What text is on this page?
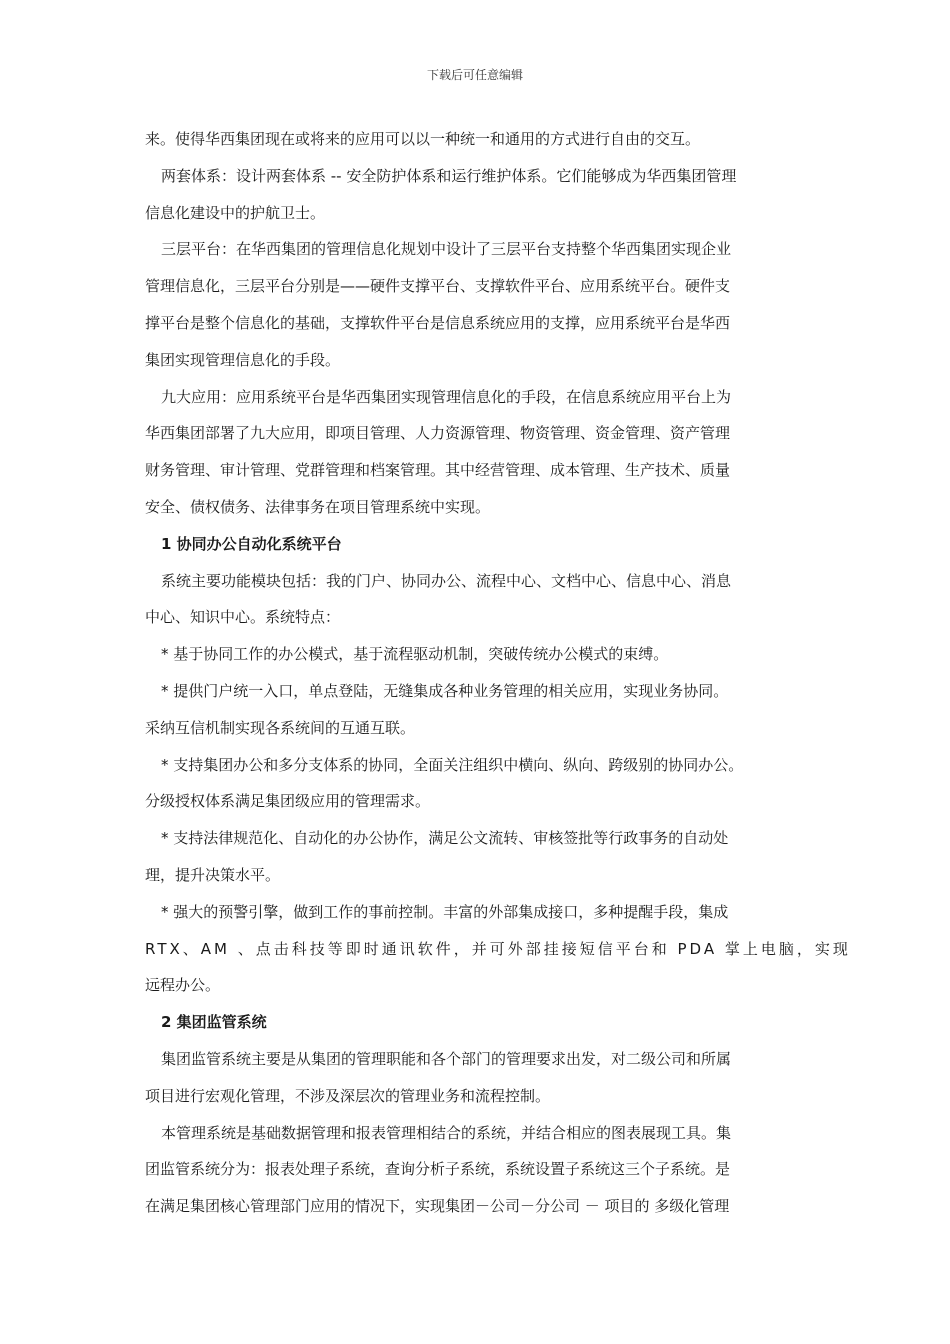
下载后可任意编辑
来。使得华西集团现在或将来的应用可以以一种统一和通用的方式进行自由的交互。
两套体系：设计两套体系 -- 安全防护体系和运行维护体系。它们能够成为华西集团管理
信息化建设中的护航卫士。
三层平台：在华西集团的管理信息化规划中设计了三层平台支持整个华西集团实现企业
管理信息化，三层平台分别是——硬件支撑平台、支撑软件平台、应用系统平台。硬件支
撑平台是整个信息化的基础，支撑软件平台是信息系统应用的支撑，应用系统平台是华西
集团实现管理信息化的手段。
九大应用：应用系统平台是华西集团实现管理信息化的手段，在信息系统应用平台上为
华西集团部署了九大应用，即项目管理、人力资源管理、物资管理、资金管理、资产管理
财务管理、审计管理、党群管理和档案管理。其中经营管理、成本管理、生产技术、质量
安全、债权债务、法律事务在项目管理系统中实现。
1 协同办公自动化系统平台
系统主要功能模块包括：我的门户、协同办公、流程中心、文档中心、信息中心、消息
中心、知识中心。系统特点：
* 基于协同工作的办公模式，基于流程驱动机制，突破传统办公模式的束缚。
* 提供门户统一入口，单点登陆，无缝集成各种业务管理的相关应用，实现业务协同。
采纳互信机制实现各系统间的互通互联。
* 支持集团办公和多分支体系的协同，全面关注组织中横向、纵向、跨级别的协同办公。
分级授权体系满足集团级应用的管理需求。
* 支持法律规范化、自动化的办公协作，满足公文流转、审核签批等行政事务的自动处
理，提升决策水平。
* 强大的预警引擎，做到工作的事前控制。丰富的外部集成接口，多种提醒手段，集成
RTX、AM 、点击科技等即时通讯软件，并可外部挂接短信平台和 PDA 掌上电脑，实现
远程办公。
2 集团监管系统
集团监管系统主要是从集团的管理职能和各个部门的管理要求出发，对二级公司和所属
项目进行宏观化管理，不涉及深层次的管理业务和流程控制。
本管理系统是基础数据管理和报表管理相结合的系统，并结合相应的图表展现工具。集
团监管系统分为：报表处理子系统，查询分析子系统，系统设置子系统这三个子系统。是
在满足集团核心管理部门应用的情况下，实现集团－公司－分公司 － 项目的 多级化管理
